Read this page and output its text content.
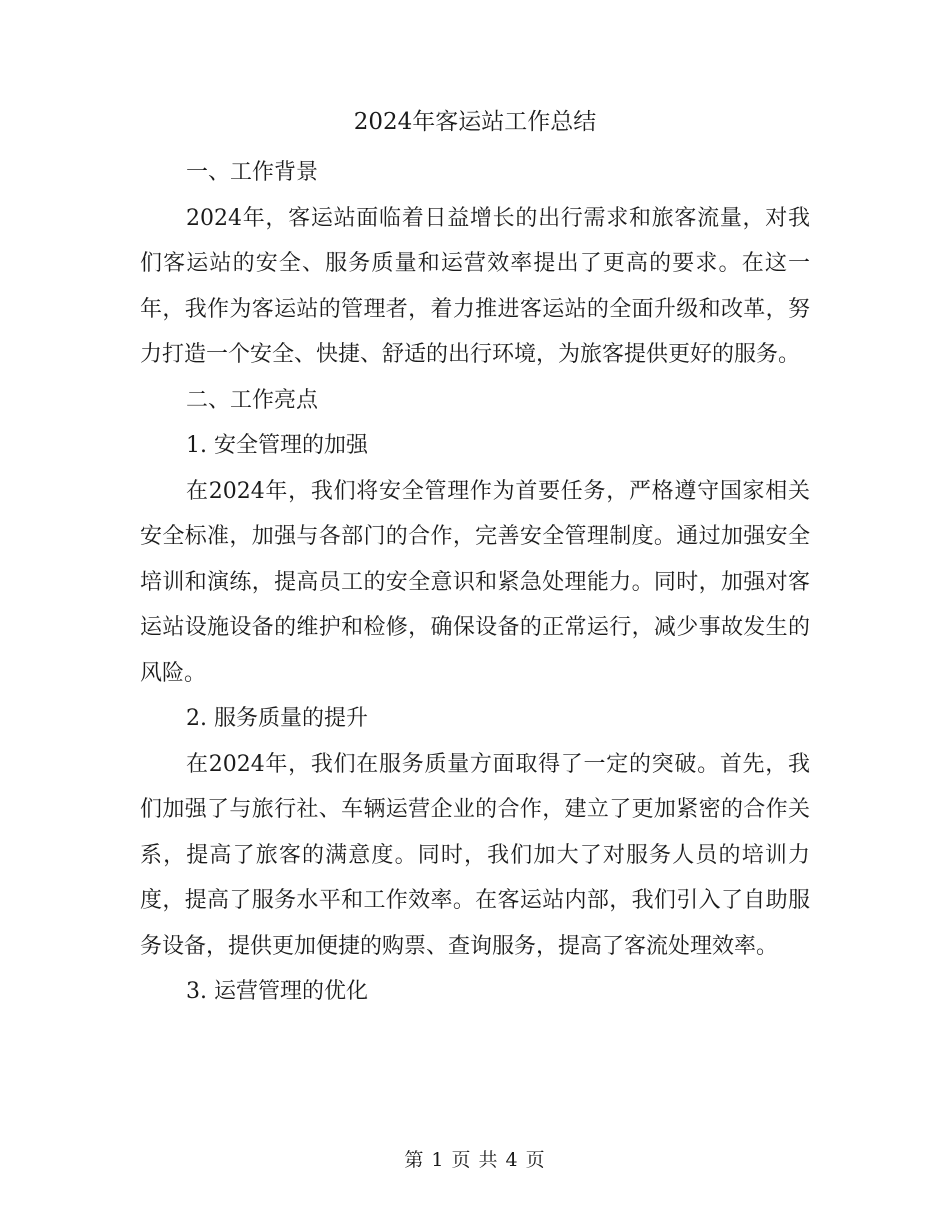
2024年客运站工作总结

一、工作背景

2024年，客运站面临着日益增长的出行需求和旅客流量，对我们客运站的安全、服务质量和运营效率提出了更高的要求。在这一年，我作为客运站的管理者，着力推进客运站的全面升级和改革，努力打造一个安全、快捷、舒适的出行环境，为旅客提供更好的服务。

二、工作亮点

1. 安全管理的加强

在2024年，我们将安全管理作为首要任务，严格遵守国家相关安全标准，加强与各部门的合作，完善安全管理制度。通过加强安全培训和演练，提高员工的安全意识和紧急处理能力。同时，加强对客运站设施设备的维护和检修，确保设备的正常运行，减少事故发生的风险。

2. 服务质量的提升

在2024年，我们在服务质量方面取得了一定的突破。首先，我们加强了与旅行社、车辆运营企业的合作，建立了更加紧密的合作关系，提高了旅客的满意度。同时，我们加大了对服务人员的培训力度，提高了服务水平和工作效率。在客运站内部，我们引入了自助服务设备，提供更加便捷的购票、查询服务，提高了客流处理效率。

3. 运营管理的优化

第 1 页 共 4 页
